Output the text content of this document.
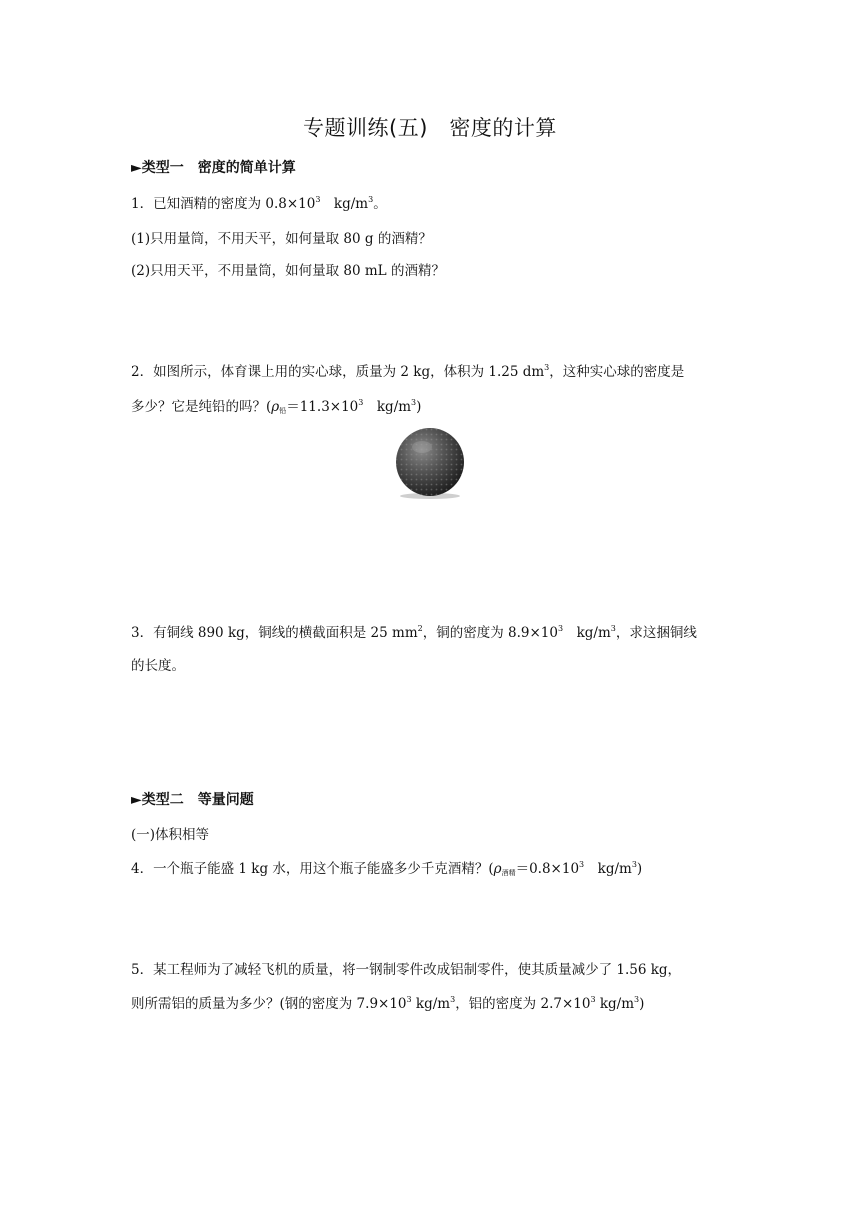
专题训练(五)　密度的计算
►类型一　密度的简单计算
1．已知酒精的密度为 $0.8\times 10^3$　$kg/m^3$。
(1)只用量筒，不用天平，如何量取 80 g 的酒精？
(2)只用天平，不用量筒，如何量取 80 mL 的酒精？
2．如图所示，体育课上用的实心球，质量为 2 kg，体积为 1.25 $dm^3$，这种实心球的密度是
多少？它是纯铅的吗？($\rho_铅=11.3\times 10^3$　$kg/m^3$)
3．有铜线 890 kg，铜线的横截面积是 25 $mm^2$，铜的密度为 $8.9\times 10^3$　$kg/m^3$，求这捆铜线
的长度。
►类型二　等量问题
(一)体积相等
4．一个瓶子能盛 1 kg 水，用这个瓶子能盛多少千克酒精？($\rho_{酒精}=0.8\times 10^3$　$kg/m^3$)
5．某工程师为了减轻飞机的质量，将一钢制零件改成铝制零件，使其质量减少了 1.56 kg，
则所需铝的质量为多少？(钢的密度为 $7.9\times 10^3$ $kg/m^3$，铝的密度为 $2.7\times 10^3$ $kg/m^3$)
